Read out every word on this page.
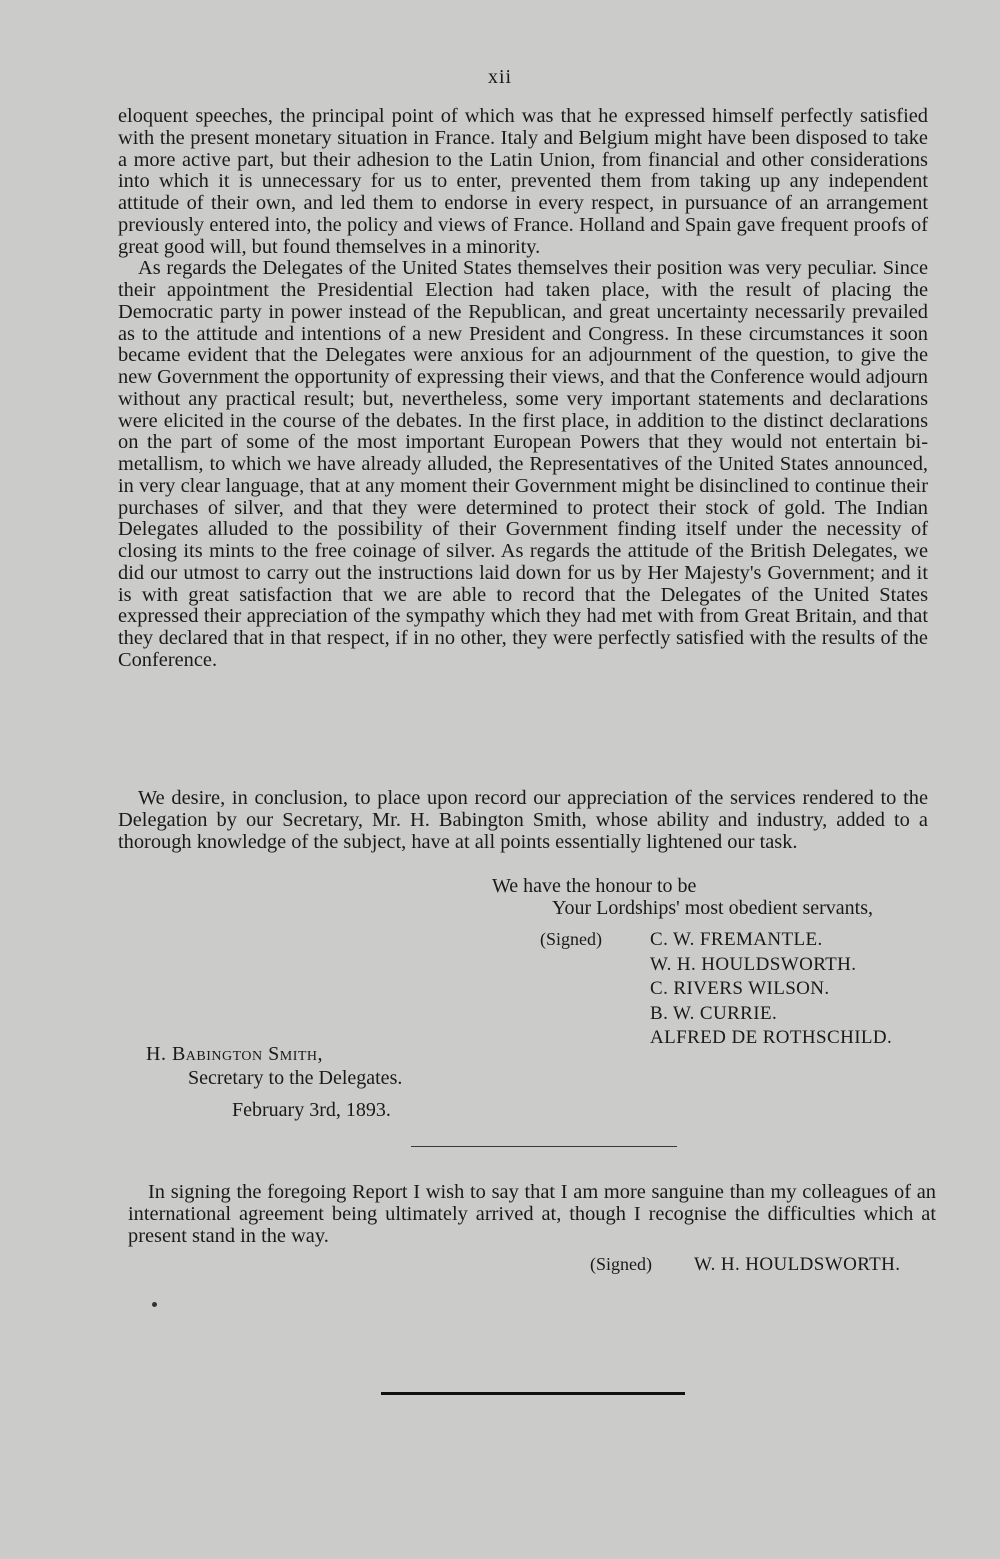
xii

eloquent speeches, the principal point of which was that he expressed himself perfectly satisfied with the present monetary situation in France. Italy and Belgium might have been disposed to take a more active part, but their adhesion to the Latin Union, from financial and other considerations into which it is unnecessary for us to enter, prevented them from taking up any independent attitude of their own, and led them to endorse in every respect, in pursuance of an arrangement previously entered into, the policy and views of France. Holland and Spain gave frequent proofs of great good will, but found themselves in a minority.

As regards the Delegates of the United States themselves their position was very peculiar. Since their appointment the Presidential Election had taken place, with the result of placing the Democratic party in power instead of the Republican, and great uncertainty necessarily prevailed as to the attitude and intentions of a new President and Congress. In these circumstances it soon became evident that the Delegates were anxious for an adjournment of the question, to give the new Government the opportunity of expressing their views, and that the Conference would adjourn without any practical result; but, nevertheless, some very important statements and declarations were elicited in the course of the debates. In the first place, in addition to the distinct declarations on the part of some of the most important European Powers that they would not entertain bi-metallism, to which we have already alluded, the Representatives of the United States announced, in very clear language, that at any moment their Government might be disinclined to continue their purchases of silver, and that they were determined to protect their stock of gold. The Indian Delegates alluded to the possibility of their Government finding itself under the necessity of closing its mints to the free coinage of silver. As regards the attitude of the British Delegates, we did our utmost to carry out the instructions laid down for us by Her Majesty's Government; and it is with great satisfaction that we are able to record that the Delegates of the United States expressed their appreciation of the sympathy which they had met with from Great Britain, and that they declared that in that respect, if in no other, they were perfectly satisfied with the results of the Conference.

We desire, in conclusion, to place upon record our appreciation of the services rendered to the Delegation by our Secretary, Mr. H. Babington Smith, whose ability and industry, added to a thorough knowledge of the subject, have at all points essentially lightened our task.

We have the honour to be
Your Lordships' most obedient servants,
(Signed)	C. W. FREMANTLE.
W. H. HOULDSWORTH.
C. RIVERS WILSON.
B. W. CURRIE.
ALFRED DE ROTHSCHILD.
H. Babington Smith,
Secretary to the Delegates.
February 3rd, 1893.

In signing the foregoing Report I wish to say that I am more sanguine than my colleagues of an international agreement being ultimately arrived at, though I recognise the difficulties which at present stand in the way.

(Signed) W. H. HOULDSWORTH.
